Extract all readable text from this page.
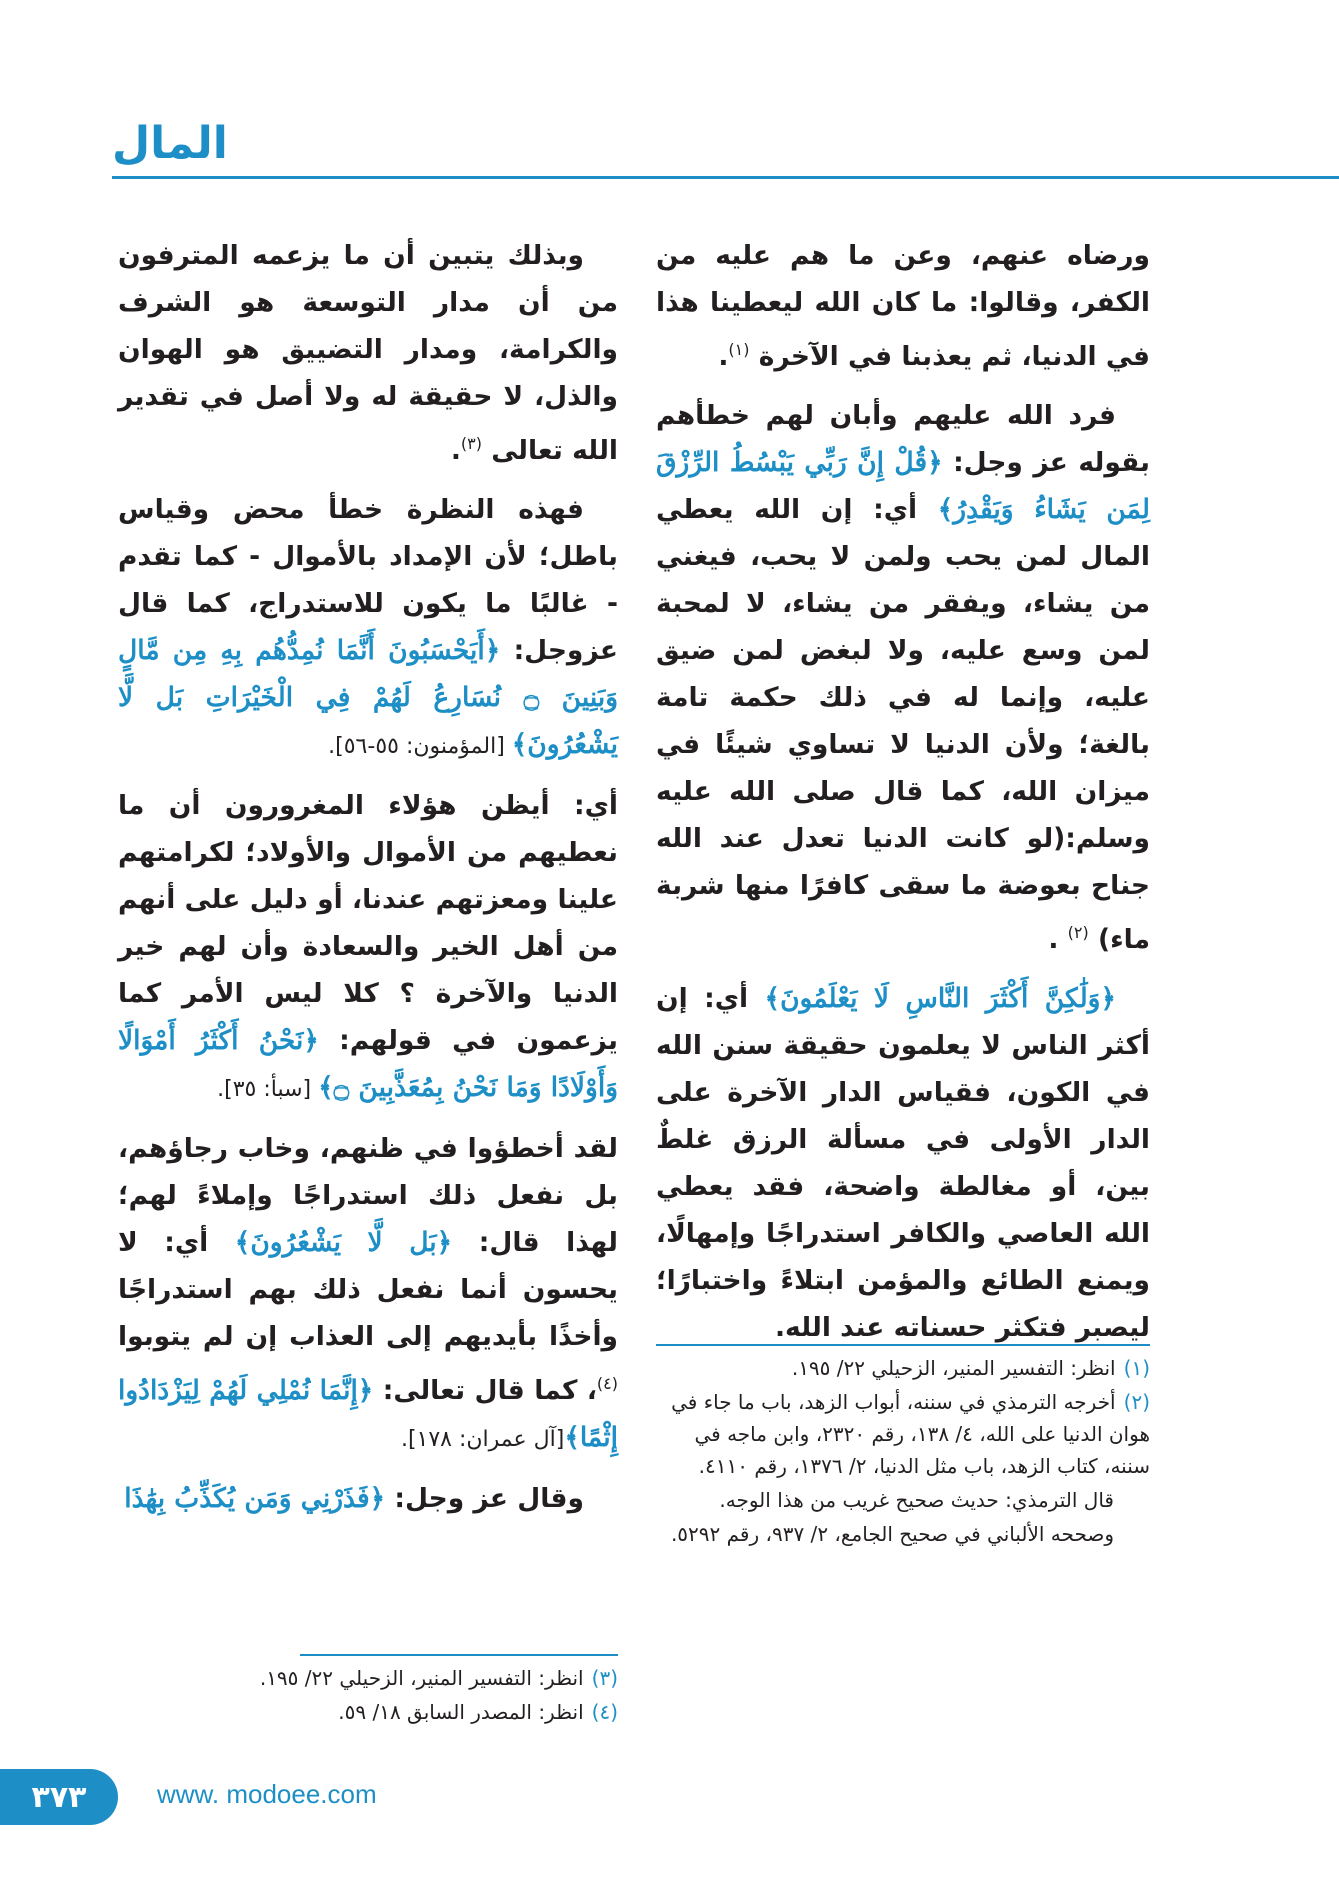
المال

ورضاه عنهم، وعن ما هم عليه من الكفر، وقالوا: ما كان الله ليعطينا هذا في الدنيا، ثم يعذبنا في الآخرة $^{(١)}$.

فرد الله عليهم وأبان لهم خطأهم بقوله عز وجل: ﴿قُلْ إِنَّ رَبِّي يَبْسُطُ الرِّزْقَ لِمَن يَشَاءُ وَيَقْدِرُ﴾ أي: إن الله يعطي المال لمن يحب ولمن لا يحب، فيغني من يشاء، ويفقر من يشاء، لا لمحبة لمن وسع عليه، ولا لبغض لمن ضيق عليه، وإنما له في ذلك حكمة تامة بالغة؛ ولأن الدنيا لا تساوي شيئًا في ميزان الله، كما قال صلى الله عليه وسلم:(لو كانت الدنيا تعدل عند الله جناح بعوضة ما سقى كافرًا منها شربة ماء) $^{(٢)}$ .

﴿وَلَٰكِنَّ أَكْثَرَ النَّاسِ لَا يَعْلَمُونَ﴾ أي: إن أكثر الناس لا يعلمون حقيقة سنن الله في الكون، فقياس الدار الآخرة على الدار الأولى في مسألة الرزق غلطٌ بين، أو مغالطة واضحة، فقد يعطي الله العاصي والكافر استدراجًا وإمهالًا، ويمنع الطائع والمؤمن ابتلاءً واختبارًا؛ ليصبر فتكثر حسناته عند الله.

(١)انظر: التفسير المنير، الزحيلي ٢٢/ ١٩٥.
(٢)أخرجه الترمذي في سننه، أبواب الزهد، باب ما جاء في هوان الدنيا على الله، ٤/ ١٣٨، رقم ٢٣٢٠، وابن ماجه في سننه، كتاب الزهد، باب مثل الدنيا، ٢/ ١٣٧٦، رقم ٤١١٠.
قال الترمذي: حديث صحيح غريب من هذا الوجه.
وصححه الألباني في صحيح الجامع، ٢/ ٩٣٧، رقم ٥٢٩٢.

وبذلك يتبين أن ما يزعمه المترفون من أن مدار التوسعة هو الشرف والكرامة، ومدار التضييق هو الهوان والذل، لا حقيقة له ولا أصل في تقدير الله تعالى $^{(٣)}$.

فهذه النظرة خطأ محض وقياس باطل؛ لأن الإمداد بالأموال - كما تقدم - غالبًا ما يكون للاستدراج، كما قال عزوجل: ﴿أَيَحْسَبُونَ أَنَّمَا نُمِدُّهُم بِهِ مِن مَّالٍ وَبَنِينَ ۝ نُسَارِعُ لَهُمْ فِي الْخَيْرَاتِ بَل لَّا يَشْعُرُونَ﴾ [المؤمنون: ٥٥-٥٦].

أي: أيظن هؤلاء المغرورون أن ما نعطيهم من الأموال والأولاد؛ لكرامتهم علينا ومعزتهم عندنا، أو دليل على أنهم من أهل الخير والسعادة وأن لهم خير الدنيا والآخرة ؟ كلا ليس الأمر كما يزعمون في قولهم: ﴿نَحْنُ أَكْثَرُ أَمْوَالًا وَأَوْلَادًا وَمَا نَحْنُ بِمُعَذَّبِينَ ۝﴾ [سبأ: ٣٥].

لقد أخطؤوا في ظنهم، وخاب رجاؤهم، بل نفعل ذلك استدراجًا وإملاءً لهم؛ لهذا قال: ﴿بَل لَّا يَشْعُرُونَ﴾ أي: لا يحسون أنما نفعل ذلك بهم استدراجًا وأخذًا بأيديهم إلى العذاب إن لم يتوبوا $^{(٤)}$، كما قال تعالى: ﴿إِنَّمَا نُمْلِي لَهُمْ لِيَزْدَادُوا إِثْمًا﴾[آل عمران: ١٧٨].

وقال عز وجل: ﴿فَذَرْنِي وَمَن يُكَذِّبُ بِهَٰذَا

(٣)انظر: التفسير المنير، الزحيلي ٢٢/ ١٩٥.
(٤)انظر: المصدر السابق ١٨/ ٥٩.
٣٧٣	www. modoee.com
